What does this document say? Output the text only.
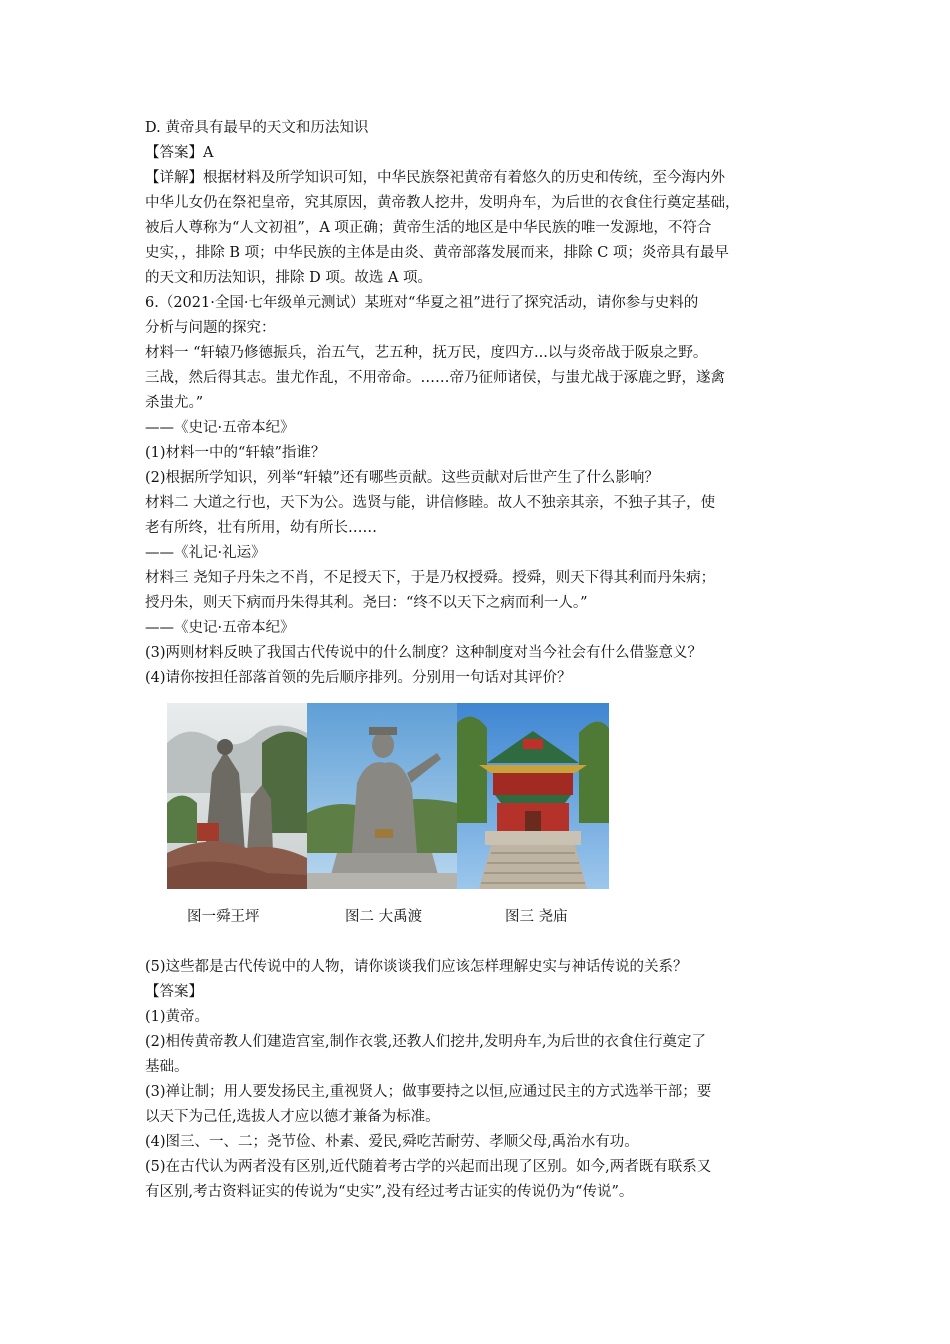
D. 黄帝具有最早的天文和历法知识

【答案】A

【详解】根据材料及所学知识可知，中华民族祭祀黄帝有着悠久的历史和传统，至今海内外

中华儿女仍在祭祀皇帝，究其原因，黄帝教人挖井，发明舟车，为后世的衣食住行奠定基础，

被后人尊称为“人文初祖”，A 项正确；黄帝生活的地区是中华民族的唯一发源地，不符合

史实，，排除 B 项；中华民族的主体是由炎、黄帝部落发展而来，排除 C 项；炎帝具有最早

的天文和历法知识，排除 D 项。故选 A 项。

6.（2021·全国·七年级单元测试）某班对“华夏之祖”进行了探究活动，请你参与史料的

分析与问题的探究：

材料一 “轩辕乃修德振兵，治五气，艺五种，抚万民，度四方...以与炎帝战于阪泉之野。

三战，然后得其志。蚩尤作乱，不用帝命。……帝乃征师诸侯，与蚩尤战于涿鹿之野，遂禽

杀蚩尤。”

——《史记·五帝本纪》

(1)材料一中的“轩辕”指谁？

(2)根据所学知识，列举“轩辕”还有哪些贡献。这些贡献对后世产生了什么影响？

材料二 大道之行也，天下为公。选贤与能，讲信修睦。故人不独亲其亲，不独子其子，使

老有所终，壮有所用，幼有所长……

——《礼记·礼运》

材料三 尧知子丹朱之不肖，不足授天下，于是乃权授舜。授舜，则天下得其利而丹朱病；

授丹朱，则天下病而丹朱得其利。尧曰：“终不以天下之病而利一人。”

——《史记·五帝本纪》

(3)两则材料反映了我国古代传说中的什么制度？这种制度对当今社会有什么借鉴意义？

(4)请你按担任部落首领的先后顺序排列。分别用一句话对其评价？

图一舜王坪	图二 大禹渡	图三 尧庙

(5)这些都是古代传说中的人物，请你谈谈我们应该怎样理解史实与神话传说的关系？

【答案】

(1)黄帝。

(2)相传黄帝教人们建造宫室,制作衣裳,还教人们挖井,发明舟车,为后世的衣食住行奠定了

基础。

(3)禅让制；用人要发扬民主,重视贤人；做事要持之以恒,应通过民主的方式选举干部；要

以天下为己任,选拔人才应以德才兼备为标准。

(4)图三、一、二；尧节俭、朴素、爱民,舜吃苦耐劳、孝顺父母,禹治水有功。

(5)在古代认为两者没有区别,近代随着考古学的兴起而出现了区别。如今,两者既有联系又

有区别,考古资料证实的传说为“史实”,没有经过考古证实的传说仍为“传说”。
